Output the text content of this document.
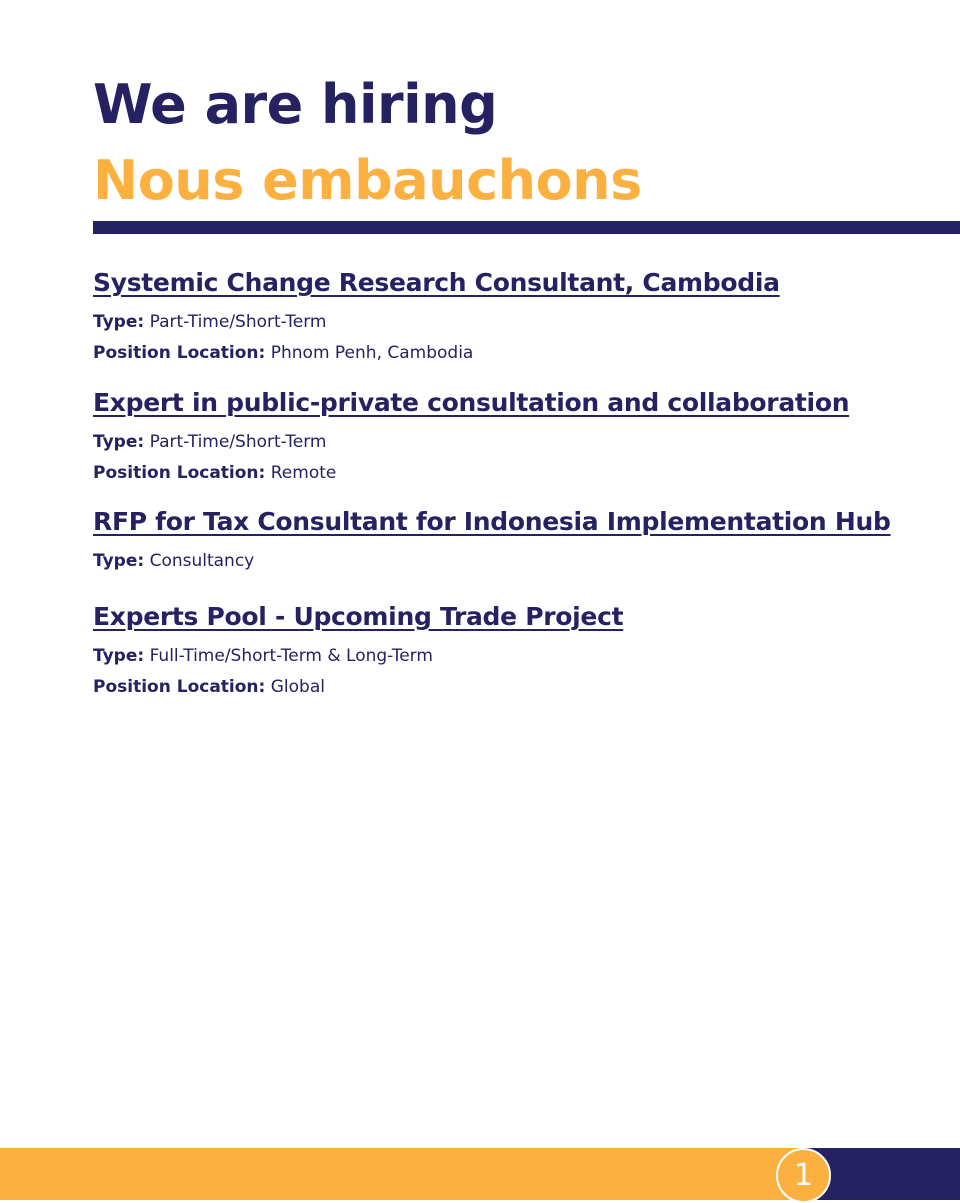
We are hiring
Nous embauchons
Systemic Change Research Consultant, Cambodia
Type: Part-Time/Short-Term
Position Location: Phnom Penh, Cambodia
Expert in public-private consultation and collaboration
Type: Part-Time/Short-Term
Position Location: Remote
RFP for Tax Consultant for Indonesia Implementation Hub
Type: Consultancy
Experts Pool - Upcoming Trade Project
Type: Full-Time/Short-Term & Long-Term
Position Location: Global
1
